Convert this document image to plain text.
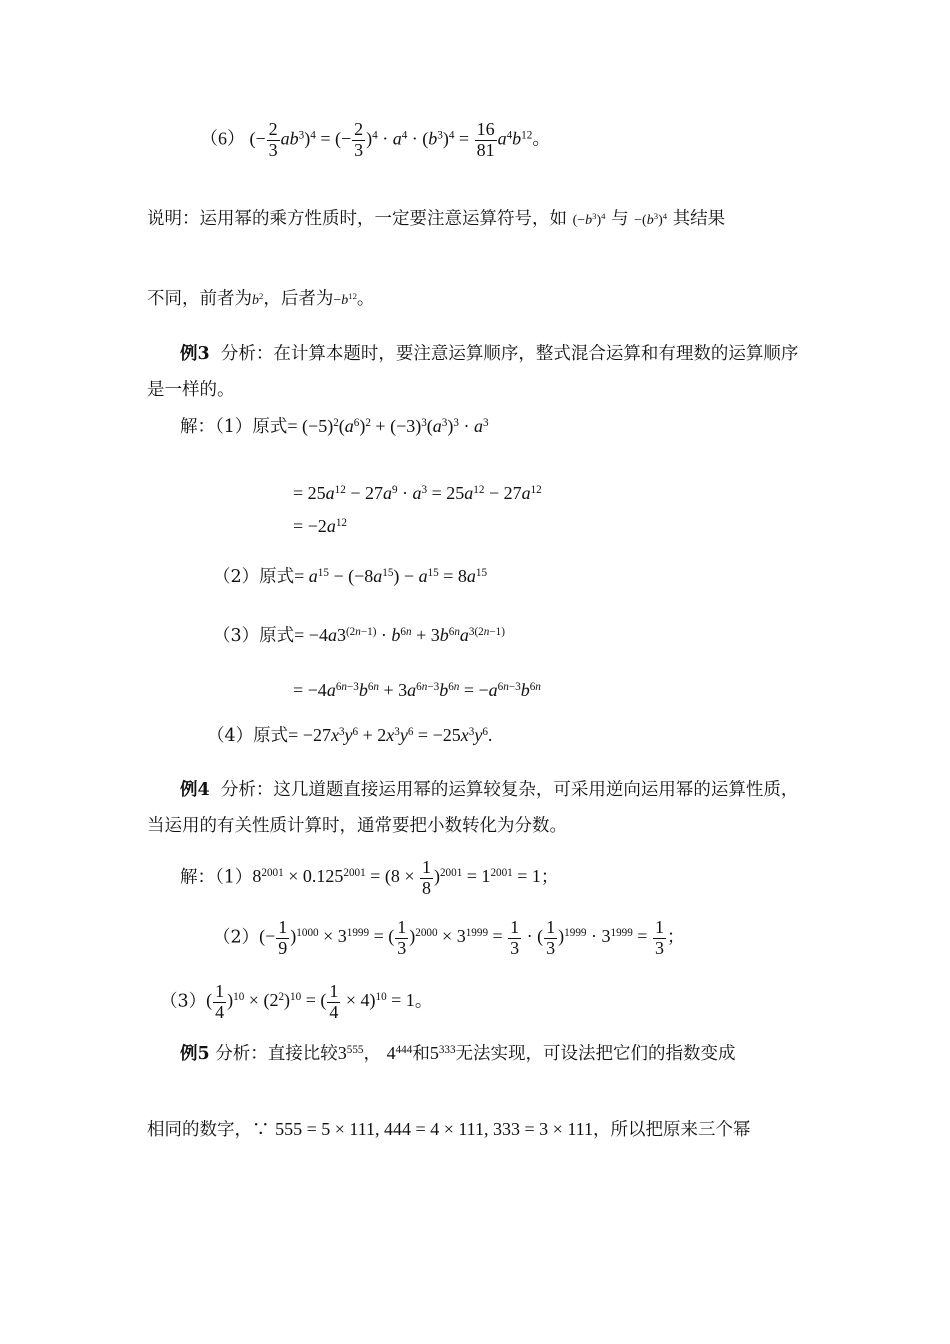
（6） (− $\frac{2}{3} ab^3)^4$ = (− $\frac{2}{3} )^4 \cdot a^4 \cdot (b^3)^4 = \frac{16}{81} a^4b^{12}$。
说明：运用幂的乘方性质时，一定要注意运算符号，如 $(-b^3)^4$ 与 $-(b^3)^4$ 其结果
不同，前者为$b^2$，后者为$-b^{12}$。
例3 分析：在计算本题时，要注意运算顺序，整式混合运算和有理数的运算顺序是一样的。
解：（1）原式= $(-5)^2(a^6)^2 + (-3)^3(a^3)^3 \cdot a^3$
= $25a^{12} - 27a^9 \cdot a^3 = 25a^{12} - 27a^{12}$
= $-2a^{12}$
（2）原式= $a^{15} - (-8a^{15}) - a^{15} = 8a^{15}$
（3）原式= $-4a3^{(2n-1)} \cdot b^{6n} + 3b^{6n}a^{3(2n-1)}$
= $-4a^{6n-3}b^{6n} + 3a^{6n-3}b^{6n} = -a^{6n-3}b^{6n}$
（4）原式= $-27x^3y^6 + 2x^3y^6 = -25x^3y^6$.
例4 分析：这几道题直接运用幂的运算较复杂，可采用逆向运用幂的运算性质，当运用的有关性质计算时，通常要把小数转化为分数。
解：$(1)8^{2001} \times 0.125^{2001} = (8 \times \frac{1}{8} )^{2001} = 1^{2001} = 1$；
$(2)(- \frac{1}{9} )^{1000} \times 3^{1999}$ = ( $\frac{1}{3} )^{2000} \times 3^{1999} = \frac{1}{3}$ · ( $\frac{1}{3} )^{1999} \cdot 3^{1999} = \frac{1}{3}$ ；
$(3)( \frac{1}{4} )^{10} \times (2^2)^{10}$ = ( $\frac{1}{4} \times 4)^{10} = 1$。
例5 分析：直接比较$3^{555}$， $4^{444}$和$5^{333}$无法实现，可设法把它们的指数变成
相同的数字，∵ 555 = 5 × 111, 444 = 4 × 111, 333 = 3 × 111，所以把原来三个幂
